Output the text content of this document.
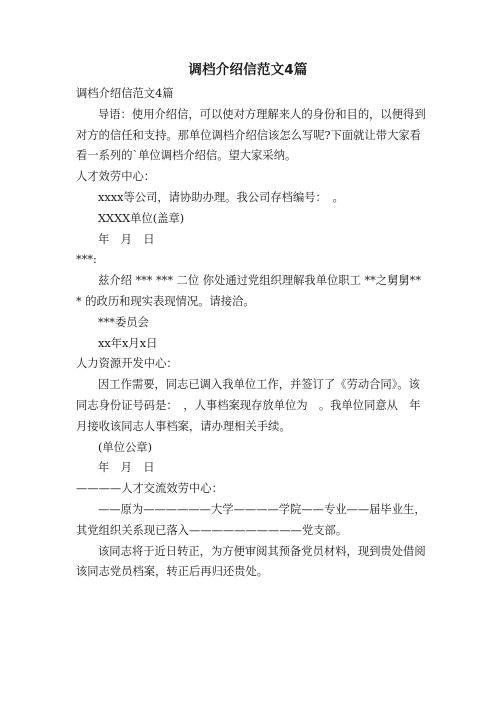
调档介绍信范文4篇

调档介绍信范文4篇

导语：使用介绍信，可以使对方理解来人的身份和目的，以便得到对方的信任和支持。那单位调档介绍信该怎么写呢?下面就让带大家看看一系列的`单位调档介绍信。望大家采纳。

人才效劳中心：

xxxx等公司，请协助办理。我公司存档编号：　。

XXXX单位(盖章)

年　月　日

***:

兹介绍 *** *** 二位 你处通过党组织理解我单位职工 **之舅舅*** 的政历和现实表现情况。请接洽。

***委员会

xx年x月x日

人力资源开发中心：

因工作需要，同志已调入我单位工作，并签订了《劳动合同》。该同志身份证号码是：　，人事档案现存放单位为　。我单位同意从　年　月接收该同志人事档案，请办理相关手续。

(单位公章)

年　月　日

————人才交流效劳中心：

——原为——————大学————学院——专业——届毕业生，其党组织关系现已落入——————————党支部。

该同志将于近日转正，为方便审阅其预备党员材料，现到贵处借阅该同志党员档案，转正后再归还贵处。
